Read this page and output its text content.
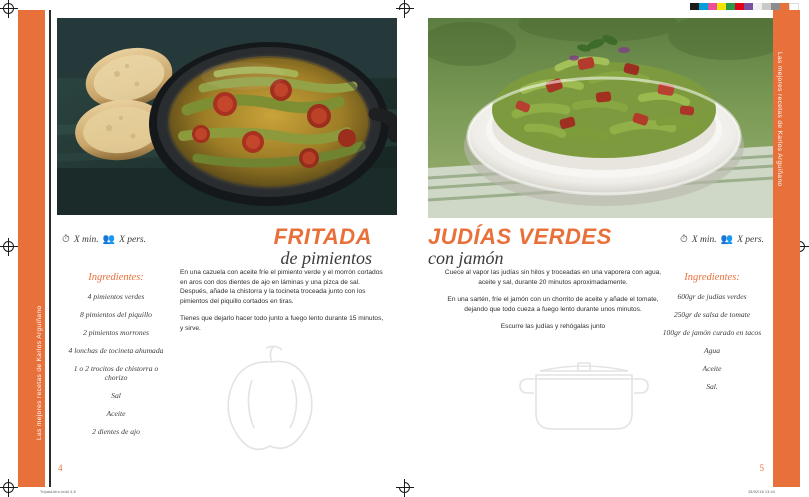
Las mejores recetas de Karlos Arguiñano
FRITADA
de pimientos
⏱ X min. 👥 X pers.
Ingredientes:
4 pimientos verdes
8 pimientos del piquillo
2 pimientos morrones
4 lonchas de tocineta ahumada
1 o 2 trocitos de chistorra o chorizo
Sal
Aceite
2 dientes de ajo

En una cazuela con aceite fríe el pimiento verde y el morrón cortados en aros con dos dientes de ajo en láminas y una pizca de sal. Después, añade la chistorra y la tocineta troceada junto con los pimientos del piquillo cortados en tiras.

Tienes que dejarlo hacer todo junto a fuego lento durante 15 minutos, y sirve.

4
Las mejores recetas de Karlos Arguiñano
JUDÍAS VERDES
con jamón
⏱ X min. 👥 X pers.
Ingredientes:
600gr de judías verdes
250gr de salsa de tomate
100gr de jamón curado en tacos
Agua
Aceite
Sal.

Cuece al vapor las judías sin hilos y troceadas en una vaporera con agua, aceite y sal, durante 20 minutos aproximadamente.

En una sartén, fríe el jamón con un chorrito de aceite y añade el tomate, dejando que todo cueza a fuego lento durante unos minutos.

Escurre las judías y rehógalas junto

5
TripasLibro.indd 4-5	28/02/18 13:44
